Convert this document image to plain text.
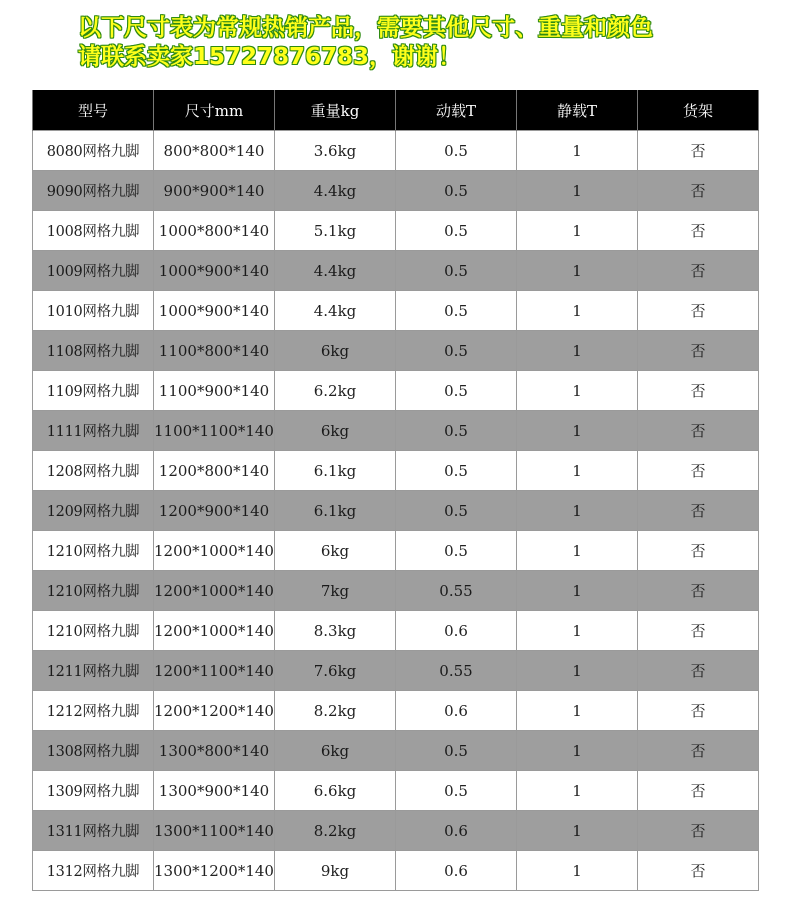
以下尺寸表为常规热销产品，需要其他尺寸、重量和颜色
请联系卖家15727876783，谢谢！
型号	尺寸mm	重量kg	动载T	静载T	货架
8080网格九脚	800*800*140	3.6kg	0.5	1	否
9090网格九脚	900*900*140	4.4kg	0.5	1	否
1008网格九脚	1000*800*140	5.1kg	0.5	1	否
1009网格九脚	1000*900*140	4.4kg	0.5	1	否
1010网格九脚	1000*900*140	4.4kg	0.5	1	否
1108网格九脚	1100*800*140	6kg	0.5	1	否
1109网格九脚	1100*900*140	6.2kg	0.5	1	否
1111网格九脚	1100*1100*140	6kg	0.5	1	否
1208网格九脚	1200*800*140	6.1kg	0.5	1	否
1209网格九脚	1200*900*140	6.1kg	0.5	1	否
1210网格九脚	1200*1000*140	6kg	0.5	1	否
1210网格九脚	1200*1000*140	7kg	0.55	1	否
1210网格九脚	1200*1000*140	8.3kg	0.6	1	否
1211网格九脚	1200*1100*140	7.6kg	0.55	1	否
1212网格九脚	1200*1200*140	8.2kg	0.6	1	否
1308网格九脚	1300*800*140	6kg	0.5	1	否
1309网格九脚	1300*900*140	6.6kg	0.5	1	否
1311网格九脚	1300*1100*140	8.2kg	0.6	1	否
1312网格九脚	1300*1200*140	9kg	0.6	1	否
